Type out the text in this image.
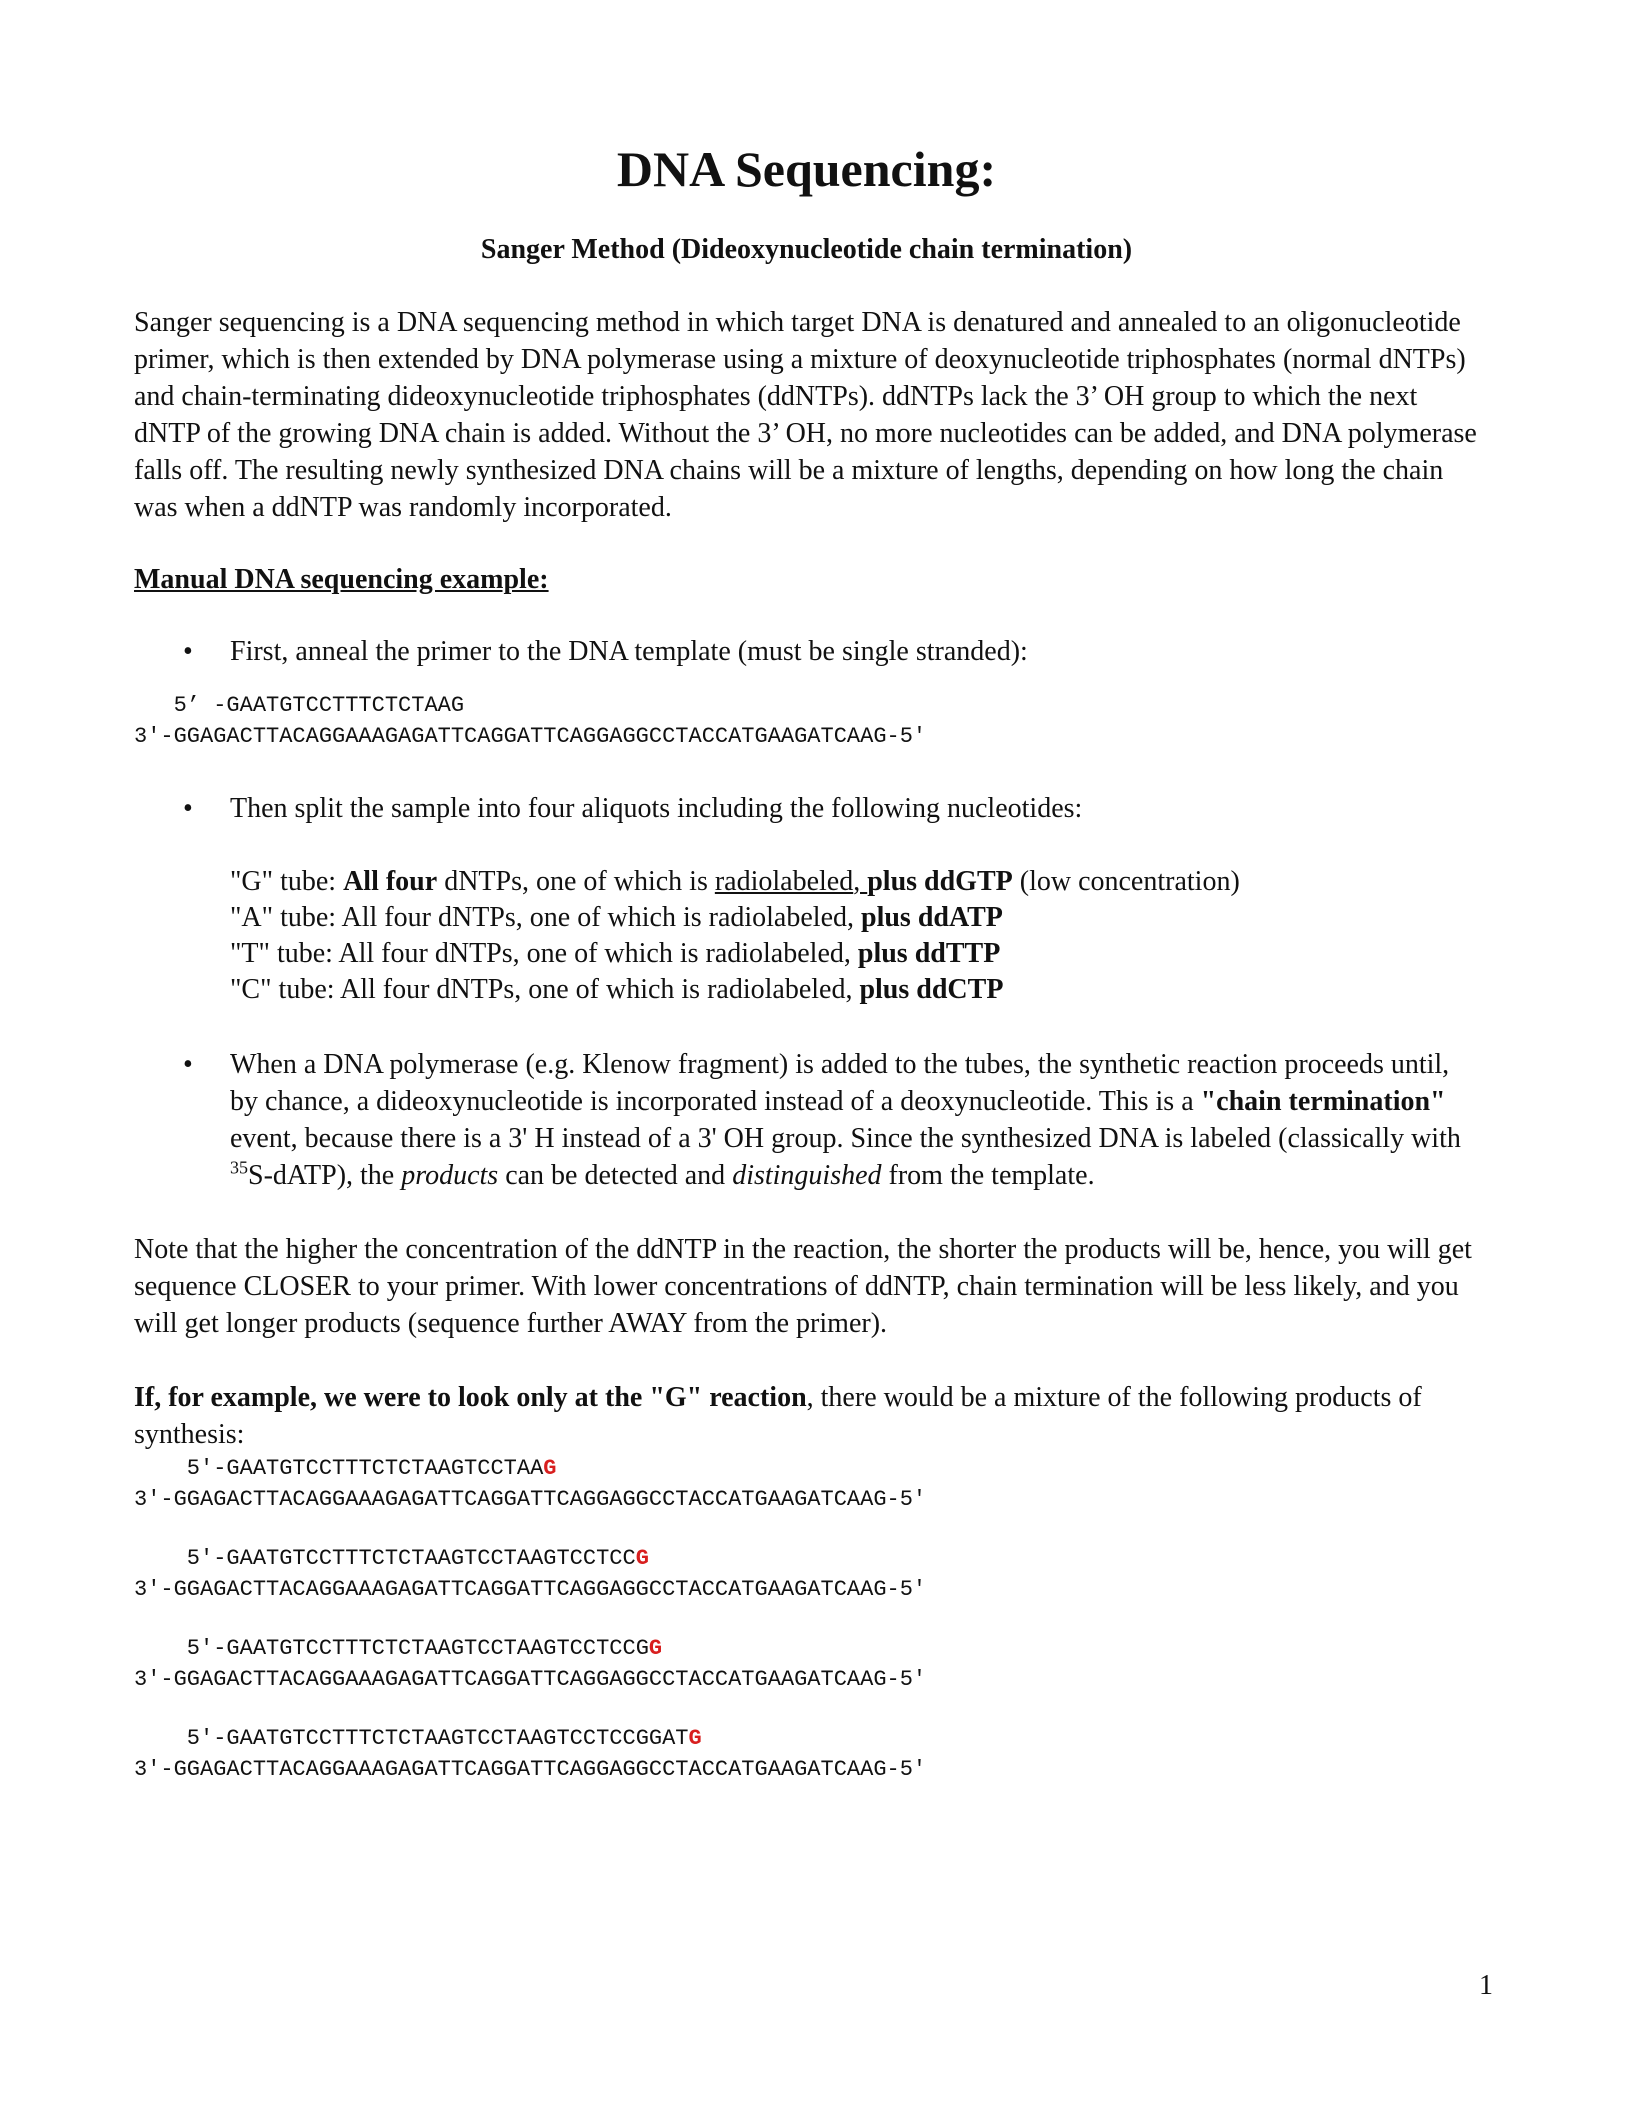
DNA Sequencing:
Sanger Method (Dideoxynucleotide chain termination)

Sanger sequencing is a DNA sequencing method in which target DNA is denatured and annealed to an oligonucleotide primer, which is then extended by DNA polymerase using a mixture of deoxynucleotide triphosphates (normal dNTPs) and chain-terminating dideoxynucleotide triphosphates (ddNTPs). ddNTPs lack the 3’ OH group to which the next dNTP of the growing DNA chain is added. Without the 3’ OH, no more nucleotides can be added, and DNA polymerase falls off. The resulting newly synthesized DNA chains will be a mixture of lengths, depending on how long the chain was when a ddNTP was randomly incorporated.

Manual DNA sequencing example:
• First, anneal the primer to the DNA template (must be single stranded):
5’ -GAATGTCCTTTCTCTAAG
3'-GGAGACTTACAGGAAAGAGATTCAGGATTCAGGAGGCCTACCATGAAGATCAAG-5'
• Then split the sample into four aliquots including the following nucleotides:
"G" tube: All four dNTPs, one of which is radiolabeled, plus ddGTP (low concentration)
"A" tube: All four dNTPs, one of which is radiolabeled, plus ddATP
"T" tube: All four dNTPs, one of which is radiolabeled, plus ddTTP
"C" tube: All four dNTPs, one of which is radiolabeled, plus ddCTP
• When a DNA polymerase (e.g. Klenow fragment) is added to the tubes, the synthetic reaction proceeds until, by chance, a dideoxynucleotide is incorporated instead of a deoxynucleotide. This is a "chain termination" event, because there is a 3' H instead of a 3' OH group. Since the synthesized DNA is labeled (classically with $^{35}$S-dATP), the products can be detected and distinguished from the template.

Note that the higher the concentration of the ddNTP in the reaction, the shorter the products will be, hence, you will get sequence CLOSER to your primer. With lower concentrations of ddNTP, chain termination will be less likely, and you will get longer products (sequence further AWAY from the primer).

If, for example, we were to look only at the "G" reaction, there would be a mixture of the following products of synthesis:

5'-GAATGTCCTTTCTCTAAGTCCTAAG
3'-GGAGACTTACAGGAAAGAGATTCAGGATTCAGGAGGCCTACCATGAAGATCAAG-5'
5'-GAATGTCCTTTCTCTAAGTCCTAAGTCCTCCG
3'-GGAGACTTACAGGAAAGAGATTCAGGATTCAGGAGGCCTACCATGAAGATCAAG-5'
5'-GAATGTCCTTTCTCTAAGTCCTAAGTCCTCCGG
3'-GGAGACTTACAGGAAAGAGATTCAGGATTCAGGAGGCCTACCATGAAGATCAAG-5'
5'-GAATGTCCTTTCTCTAAGTCCTAAGTCCTCCGGATG
3'-GGAGACTTACAGGAAAGAGATTCAGGATTCAGGAGGCCTACCATGAAGATCAAG-5'
1
